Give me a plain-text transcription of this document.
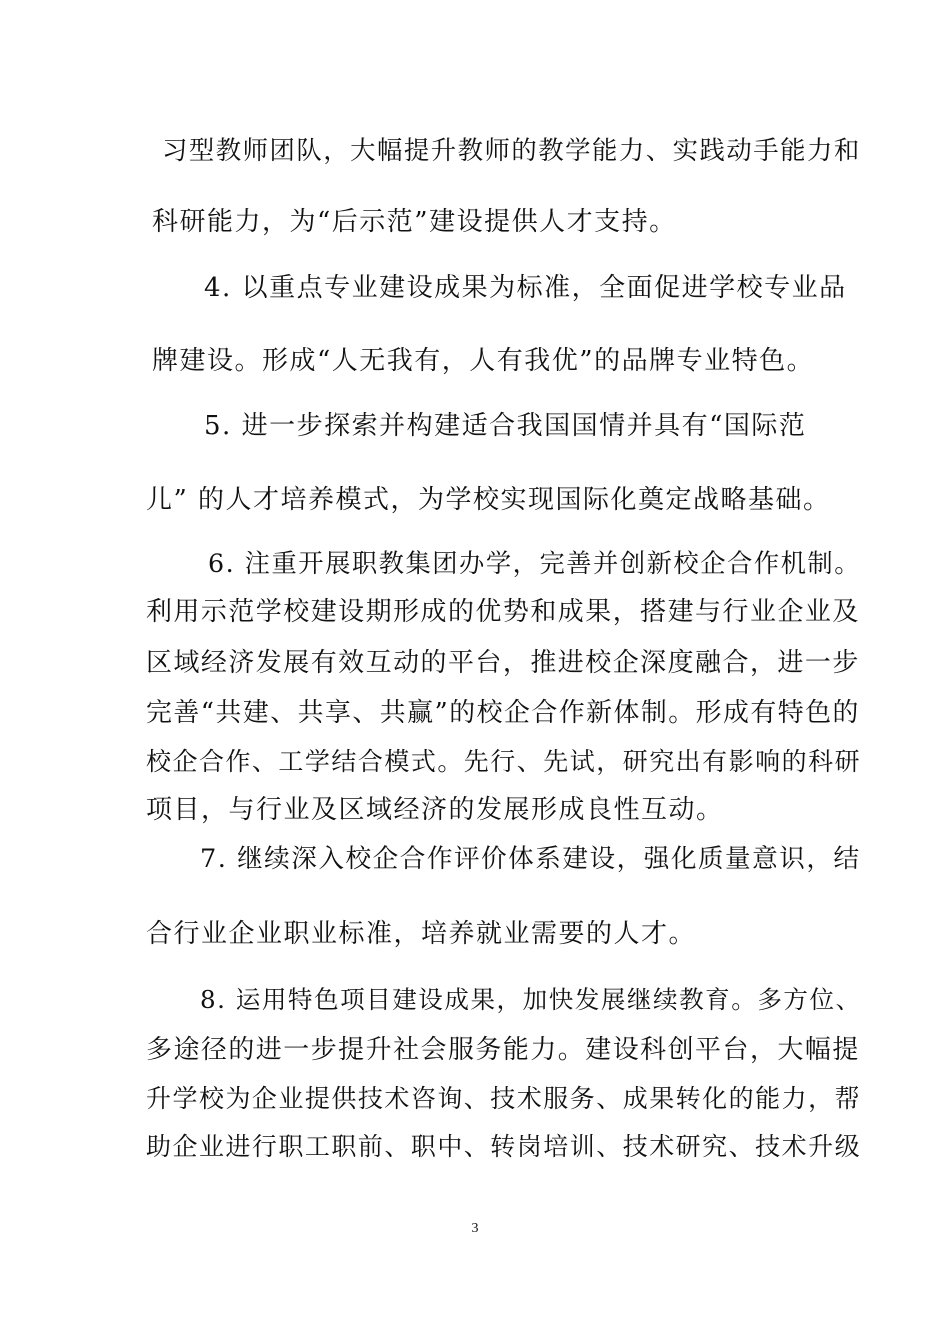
习型教师团队，大幅提升教师的教学能力、实践动手能力和
科研能力，为“后示范”建设提供人才支持。
4. 以重点专业建设成果为标准，全面促进学校专业品
牌建设。形成“人无我有，人有我优”的品牌专业特色。
5. 进一步探索并构建适合我国国情并具有“国际范
儿” 的人才培养模式，为学校实现国际化奠定战略基础。
6. 注重开展职教集团办学，完善并创新校企合作机制。
利用示范学校建设期形成的优势和成果，搭建与行业企业及
区域经济发展有效互动的平台，推进校企深度融合，进一步
完善“共建、共享、共赢”的校企合作新体制。形成有特色的
校企合作、工学结合模式。先行、先试，研究出有影响的科研
项目，与行业及区域经济的发展形成良性互动。
7. 继续深入校企合作评价体系建设，强化质量意识，结
合行业企业职业标准，培养就业需要的人才。
8. 运用特色项目建设成果，加快发展继续教育。多方位、
多途径的进一步提升社会服务能力。建设科创平台，大幅提
升学校为企业提供技术咨询、技术服务、成果转化的能力，帮
助企业进行职工职前、职中、转岗培训、技术研究、技术升级
3
